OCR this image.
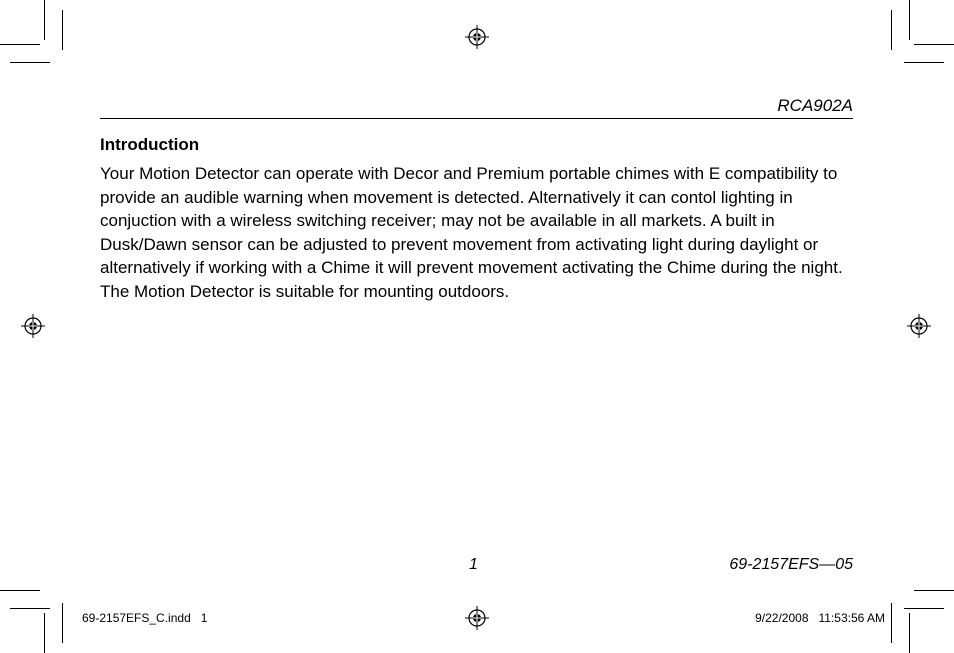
RCA902A
Introduction

Your Motion Detector can operate with Decor and Premium portable chimes with E compatibility to provide an audible warning when movement is detected. Alternatively it can contol lighting in conjuction with a wireless switching receiver; may not be available in all markets. A built in Dusk/Dawn sensor can be adjusted to prevent movement from activating light during daylight or alternatively if working with a Chime it will prevent movement activating the Chime during the night. The Motion Detector is suitable for mounting outdoors.

1	69-2157EFS—05
69-2157EFS_C.indd   1	9/22/2008   11:53:56 AM
